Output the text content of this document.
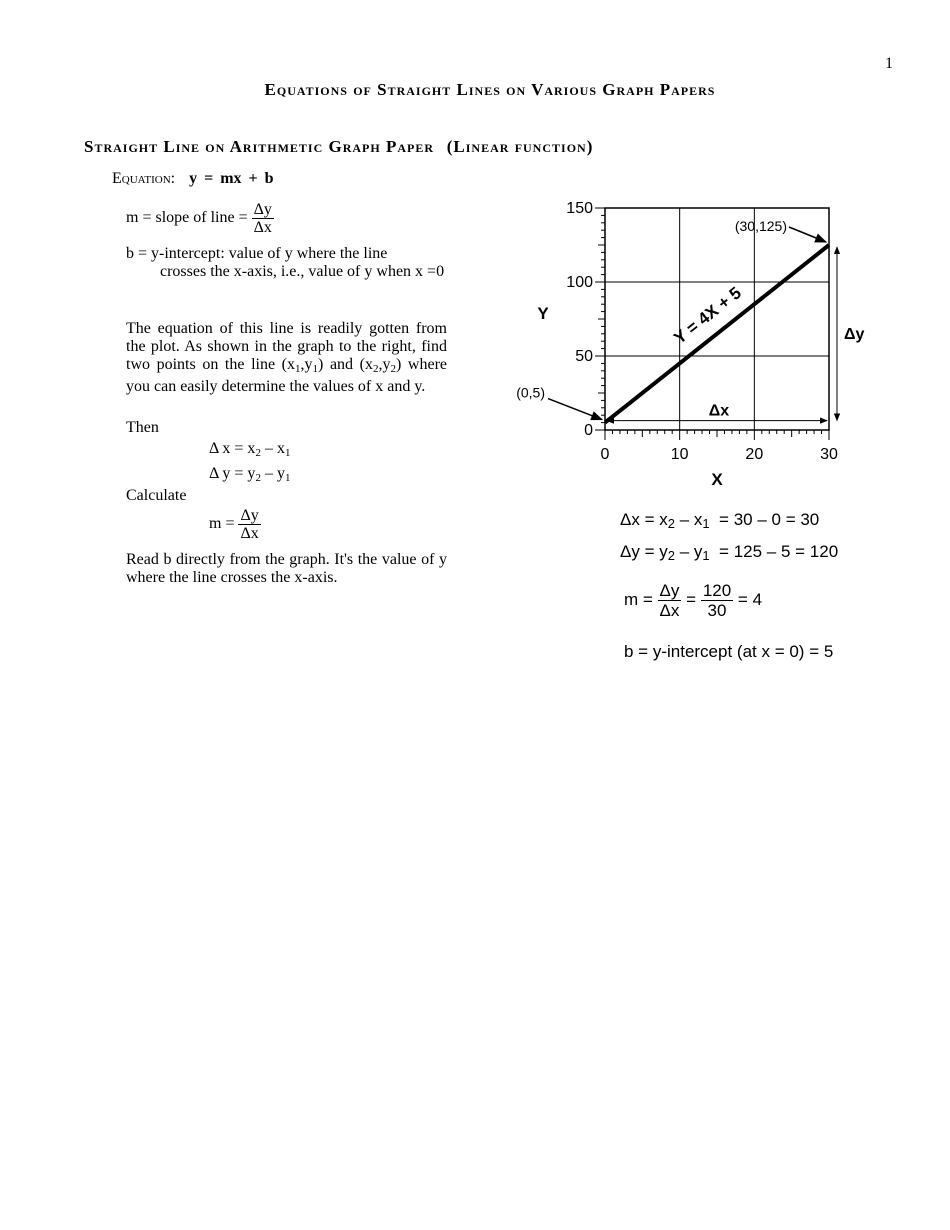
1
Equations of Straight Lines on Various Graph Papers
Straight Line on Arithmetic Graph Paper (Linear function)
Equation: y = mx + b
m = slope of line = $\frac{\Delta y}{\Delta x}$
b = y-intercept: value of y where the line
crosses the x-axis, i.e., value of y when x =0
The equation of this line is readily gotten from the plot. As shown in the graph to the right, find two points on the line $(x_1,y_1)$ and $(x_2,y_2)$ where you can easily determine the values of x and y.
Then
Δ $x = x_2 - x_1$
Δ $y = y_2 - y_1$
Calculate
$m = \frac{\Delta y}{\Delta x}$
Read b directly from the graph. It's the value of y where the line crosses the x-axis.
0	10	20	30
0
50
100
150
Y = 4X + 5
X
Y
(0,5)
(30,125)
Δx
Δy
$\Delta x = x_2 - x_1 = 30 - 0 = 30$
$\Delta y = y_2 - y_1 = 125 - 5 = 120$
$m = \frac{\Delta y}{\Delta x} = \frac{120}{30} = 4$
b = y-intercept (at x = 0) = 5
